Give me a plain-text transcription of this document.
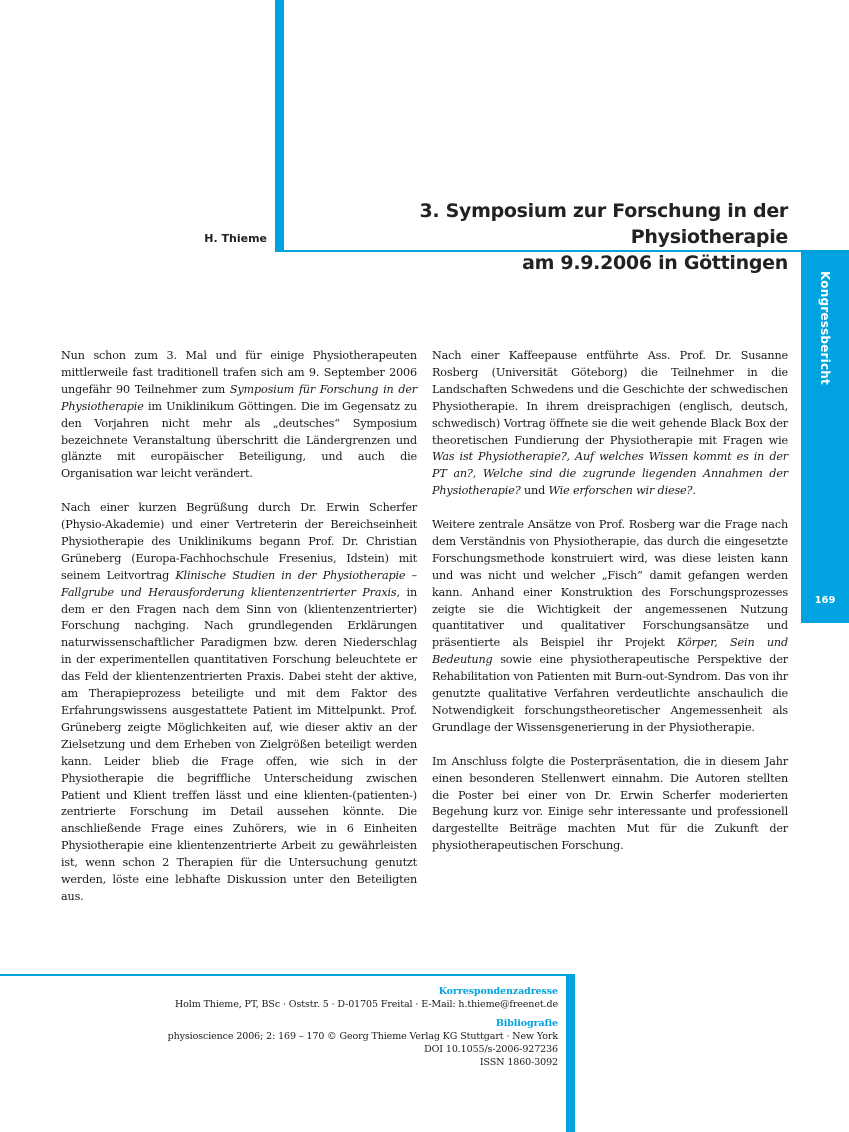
H. Thieme
3. Symposium zur Forschung in der Physiotherapie
am 9.9.2006 in Göttingen
Kongressbericht
169

Nun schon zum 3. Mal und für einige Physiotherapeuten mittlerweile fast traditionell trafen sich am 9. September 2006 ungefähr 90 Teilnehmer zum Symposium für Forschung in der Physiotherapie im Uniklinikum Göttingen. Die im Gegensatz zu den Vorjahren nicht mehr als „deutsches“ Symposium bezeichnete Veranstaltung überschritt die Ländergrenzen und glänzte mit europäischer Beteiligung, und auch die Organisation war leicht verändert.

Nach einer kurzen Begrüßung durch Dr. Erwin Scherfer (Physio-Akademie) und einer Vertreterin der Bereichseinheit Physiotherapie des Uniklinikums begann Prof. Dr. Christian Grüneberg (Europa-Fachhochschule Fresenius, Idstein) mit seinem Leitvortrag Klinische Studien in der Physiotherapie – Fallgrube und Herausforderung klientenzentrierter Praxis, in dem er den Fragen nach dem Sinn von (klientenzentrierter) Forschung nachging. Nach grundlegenden Erklärungen naturwissenschaftlicher Paradigmen bzw. deren Niederschlag in der experimentellen quantitativen Forschung beleuchtete er das Feld der klientenzentrierten Praxis. Dabei steht der aktive, am Therapieprozess beteiligte und mit dem Faktor des Erfahrungswissens ausgestattete Patient im Mittelpunkt. Prof. Grüneberg zeigte Möglichkeiten auf, wie dieser aktiv an der Zielsetzung und dem Erheben von Zielgrößen beteiligt werden kann. Leider blieb die Frage offen, wie sich in der Physiotherapie die begriffliche Unterscheidung zwischen Patient und Klient treffen lässt und eine klienten-(patienten-) zentrierte Forschung im Detail aussehen könnte. Die anschließende Frage eines Zuhörers, wie in 6 Einheiten Physiotherapie eine klientenzentrierte Arbeit zu gewährleisten ist, wenn schon 2 Therapien für die Untersuchung genutzt werden, löste eine lebhafte Diskussion unter den Beteiligten aus.

Nach einer Kaffeepause entführte Ass. Prof. Dr. Susanne Rosberg (Universität Göteborg) die Teilnehmer in die Landschaften Schwedens und die Geschichte der schwedischen Physiotherapie. In ihrem dreisprachigen (englisch, deutsch, schwedisch) Vortrag öffnete sie die weit gehende Black Box der theoretischen Fundierung der Physiotherapie mit Fragen wie Was ist Physiotherapie?, Auf welches Wissen kommt es in der PT an?, Welche sind die zugrunde liegenden Annahmen der Physiotherapie? und Wie erforschen wir diese?.

Weitere zentrale Ansätze von Prof. Rosberg war die Frage nach dem Verständnis von Physiotherapie, das durch die eingesetzte Forschungsmethode konstruiert wird, was diese leisten kann und was nicht und welcher „Fisch“ damit gefangen werden kann. Anhand einer Konstruktion des Forschungsprozesses zeigte sie die Wichtigkeit der angemessenen Nutzung quantitativer und qualitativer Forschungsansätze und präsentierte als Beispiel ihr Projekt Körper, Sein und Bedeutung sowie eine physiotherapeutische Perspektive der Rehabilitation von Patienten mit Burn-out-Syndrom. Das von ihr genutzte qualitative Verfahren verdeutlichte anschaulich die Notwendigkeit forschungstheoretischer Angemessenheit als Grundlage der Wissensgenerierung in der Physiotherapie.

Im Anschluss folgte die Posterpräsentation, die in diesem Jahr einen besonderen Stellenwert einnahm. Die Autoren stellten die Poster bei einer von Dr. Erwin Scherfer moderierten Begehung kurz vor. Einige sehr interessante und professionell dargestellte Beiträge machten Mut für die Zukunft der physiotherapeutischen Forschung.

Korrespondenzadresse
Holm Thieme, PT, BSc · Oststr. 5 · D-01705 Freital · E-Mail: h.thieme@freenet.de
Bibliografie
physioscience 2006; 2: 169 – 170 © Georg Thieme Verlag KG Stuttgart · New York
DOI 10.1055/s-2006-927236
ISSN 1860-3092
